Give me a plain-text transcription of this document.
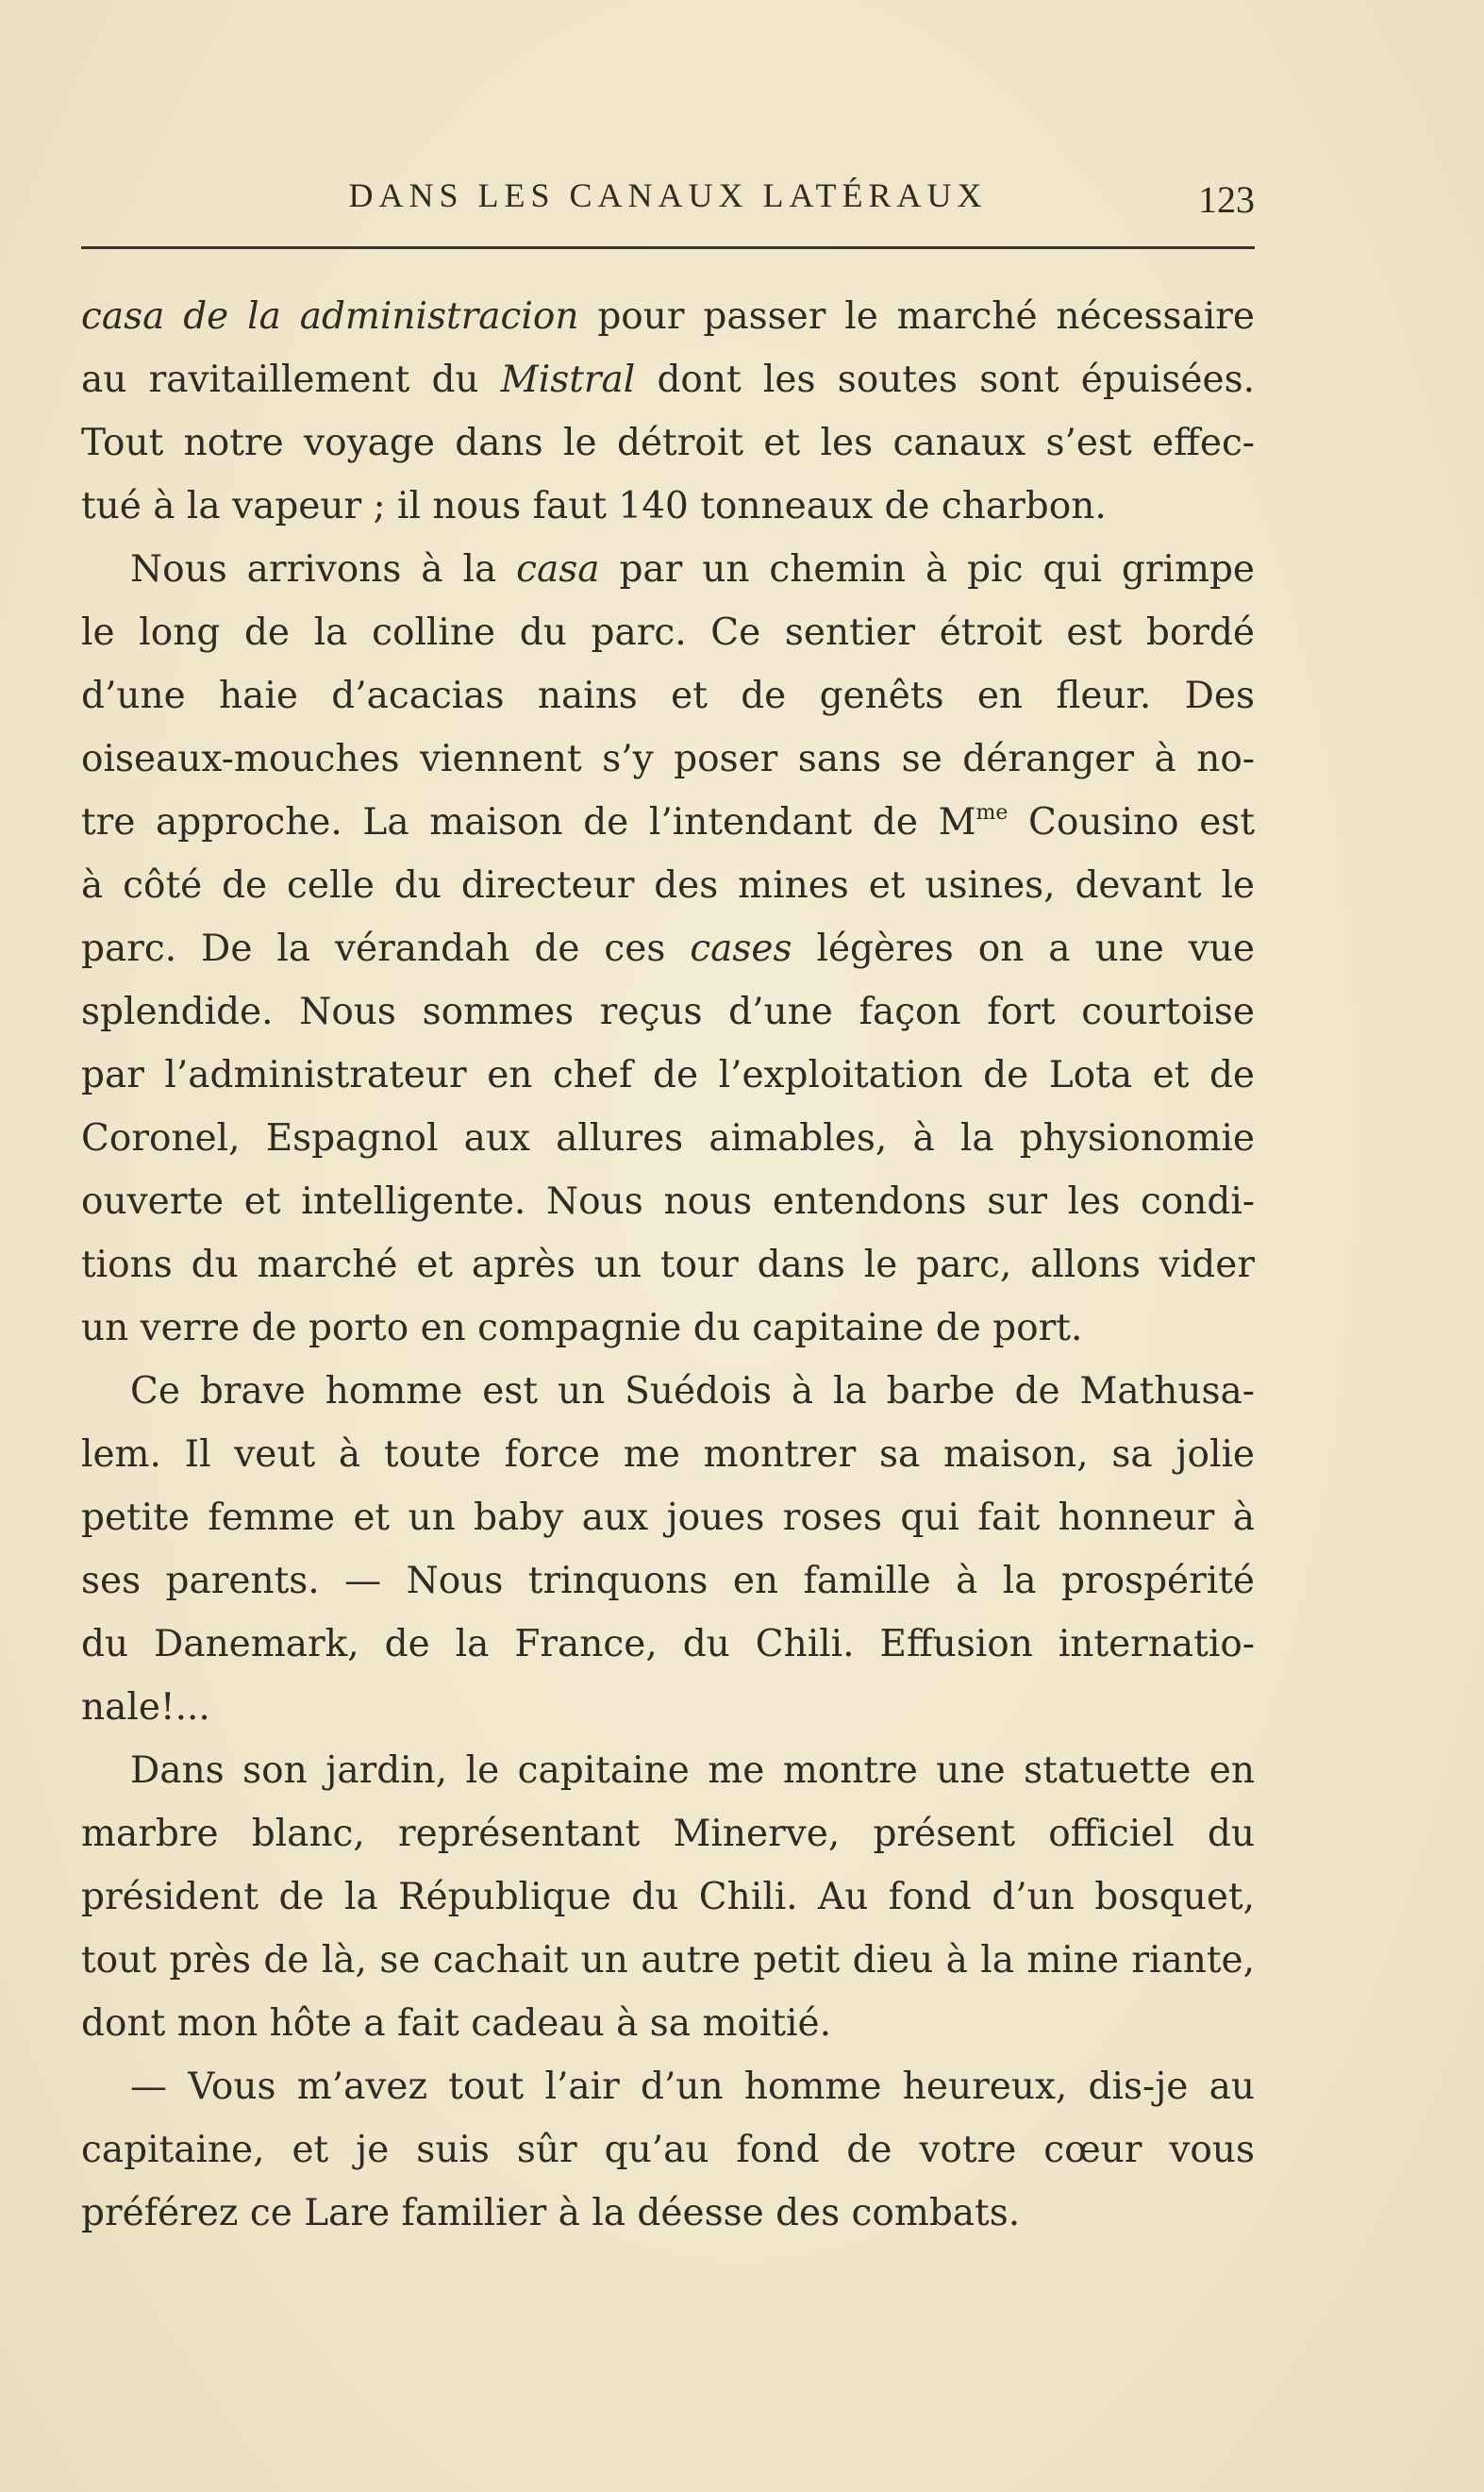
DANS LES CANAUX LATÉRAUX	123
casa de la administracion pour passer le marché nécessaire
au ravitaillement du Mistral dont les soutes sont épuisées.
Tout notre voyage dans le détroit et les canaux s’est effec-
tué à la vapeur ; il nous faut 140 tonneaux de charbon.
Nous arrivons à la casa par un chemin à pic qui grimpe
le long de la colline du parc. Ce sentier étroit est bordé
d’une haie d’acacias nains et de genêts en fleur. Des
oiseaux-mouches viennent s’y poser sans se déranger à no-
tre approche. La maison de l’intendant de $M^{me}$ Cousino est
à côté de celle du directeur des mines et usines, devant le
parc. De la vérandah de ces cases légères on a une vue
splendide. Nous sommes reçus d’une façon fort courtoise
par l’administrateur en chef de l’exploitation de Lota et de
Coronel, Espagnol aux allures aimables, à la physionomie
ouverte et intelligente. Nous nous entendons sur les condi-
tions du marché et après un tour dans le parc, allons vider
un verre de porto en compagnie du capitaine de port.
Ce brave homme est un Suédois à la barbe de Mathusa-
lem. Il veut à toute force me montrer sa maison, sa jolie
petite femme et un baby aux joues roses qui fait honneur à
ses parents. — Nous trinquons en famille à la prospérité
du Danemark, de la France, du Chili. Effusion internatio-
nale!...
Dans son jardin, le capitaine me montre une statuette en
marbre blanc, représentant Minerve, présent officiel du
président de la République du Chili. Au fond d’un bosquet,
tout près de là, se cachait un autre petit dieu à la mine riante,
dont mon hôte a fait cadeau à sa moitié.
— Vous m’avez tout l’air d’un homme heureux, dis-je au
capitaine, et je suis sûr qu’au fond de votre cœur vous
préférez ce Lare familier à la déesse des combats.
